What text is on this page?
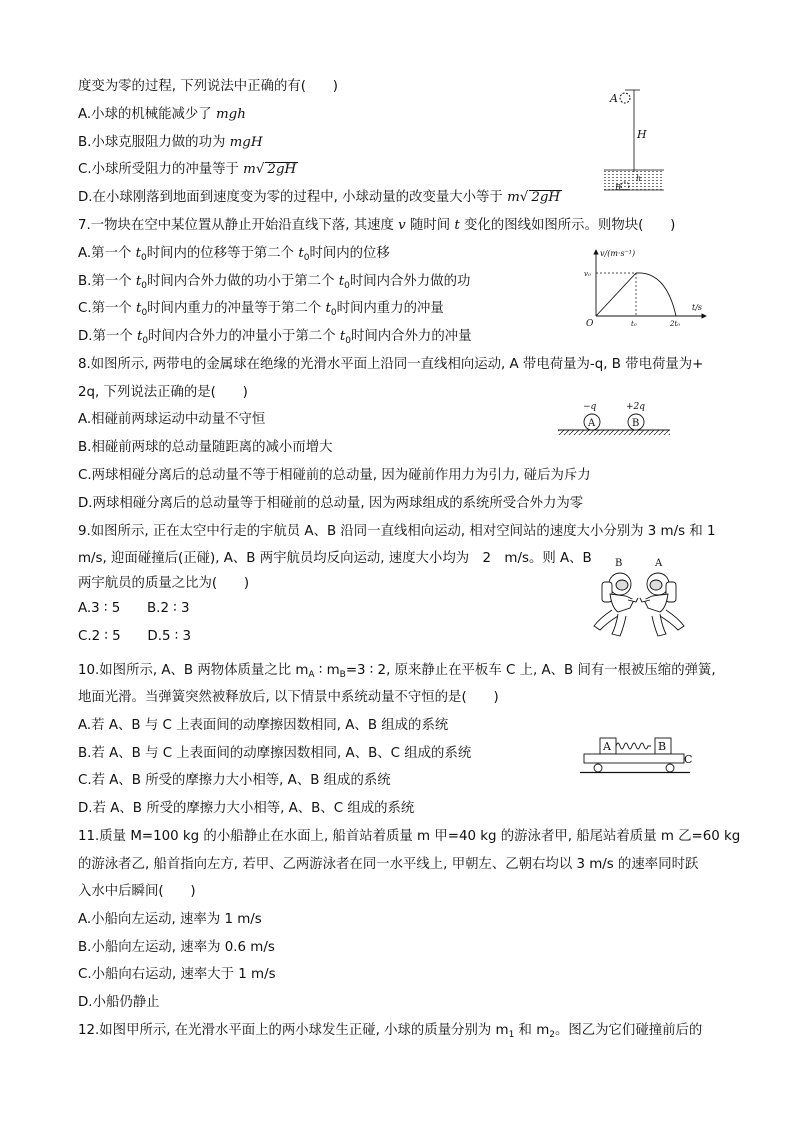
度变为零的过程, 下列说法中正确的有(　　)
A.小球的机械能减少了 mgh
B.小球克服阻力做的功为 mgH
C.小球所受阻力的冲量等于 m√ 2gH
D.在小球刚落到地面到速度变为零的过程中, 小球动量的改变量大小等于 m√ 2gH
A
H
B
h
7.一物块在空中某位置从静止开始沿直线下落, 其速度 v 随时间 t 变化的图线如图所示。则物块(　　)
A.第一个 $t_0$时间内的位移等于第二个 $t_0$时间内的位移
B.第一个 $t_0$时间内合外力做的功小于第二个 $t_0$时间内合外力做的功
C.第一个 $t_0$时间内重力的冲量等于第二个 $t_0$时间内重力的冲量
D.第一个 $t_0$时间内合外力的冲量小于第二个 $t_0$时间内合外力的冲量
v/(m·s⁻¹)
t/s
O
v₀
t₀	2t₀
8.如图所示, 两带电的金属球在绝缘的光滑水平面上沿同一直线相向运动, A 带电荷量为-q, B 带电荷量为+
2q, 下列说法正确的是(　　)
A.相碰前两球运动中动量不守恒
B.相碰前两球的总动量随距离的减小而增大
C.两球相碰分离后的总动量不等于相碰前的总动量, 因为碰前作用力为引力, 碰后为斥力
D.两球相碰分离后的总动量等于相碰前的总动量, 因为两球组成的系统所受合外力为零
−q	+2q
A	B
9.如图所示, 正在太空中行走的宇航员 A、B 沿同一直线相向运动, 相对空间站的速度大小分别为 3 m/s 和 1
m/s, 迎面碰撞后(正碰), A、B 两宇航员均反向运动, 速度大小均为　2　m/s。则 A、B
两宇航员的质量之比为(　　)
A.3 ∶ 5　　B.2 ∶ 3
C.2 ∶ 5　　D.5 ∶ 3
B	A
10.如图所示, A、B 两物体质量之比 $m_A$ ∶ $m_B=3$ ∶ 2, 原来静止在平板车 C 上, A、B 间有一根被压缩的弹簧,
地面光滑。当弹簧突然被释放后, 以下情景中系统动量不守恒的是(　　)
A.若 A、B 与 C 上表面间的动摩擦因数相同, A、B 组成的系统
B.若 A、B 与 C 上表面间的动摩擦因数相同, A、B、C 组成的系统
C.若 A、B 所受的摩擦力大小相等, A、B 组成的系统
D.若 A、B 所受的摩擦力大小相等, A、B、C 组成的系统
A	B
C
11.质量 M=100 kg 的小船静止在水面上, 船首站着质量 m 甲=40 kg 的游泳者甲, 船尾站着质量 m 乙=60 kg
的游泳者乙, 船首指向左方, 若甲、乙两游泳者在同一水平线上, 甲朝左、乙朝右均以 3 m/s 的速率同时跃
入水中后瞬间(　　)
A.小船向左运动, 速率为 1 m/s
B.小船向左运动, 速率为 0.6 m/s
C.小船向右运动, 速率大于 1 m/s
D.小船仍静止
12.如图甲所示, 在光滑水平面上的两小球发生正碰, 小球的质量分别为 $m_1$ 和 $m_2$。图乙为它们碰撞前后的
